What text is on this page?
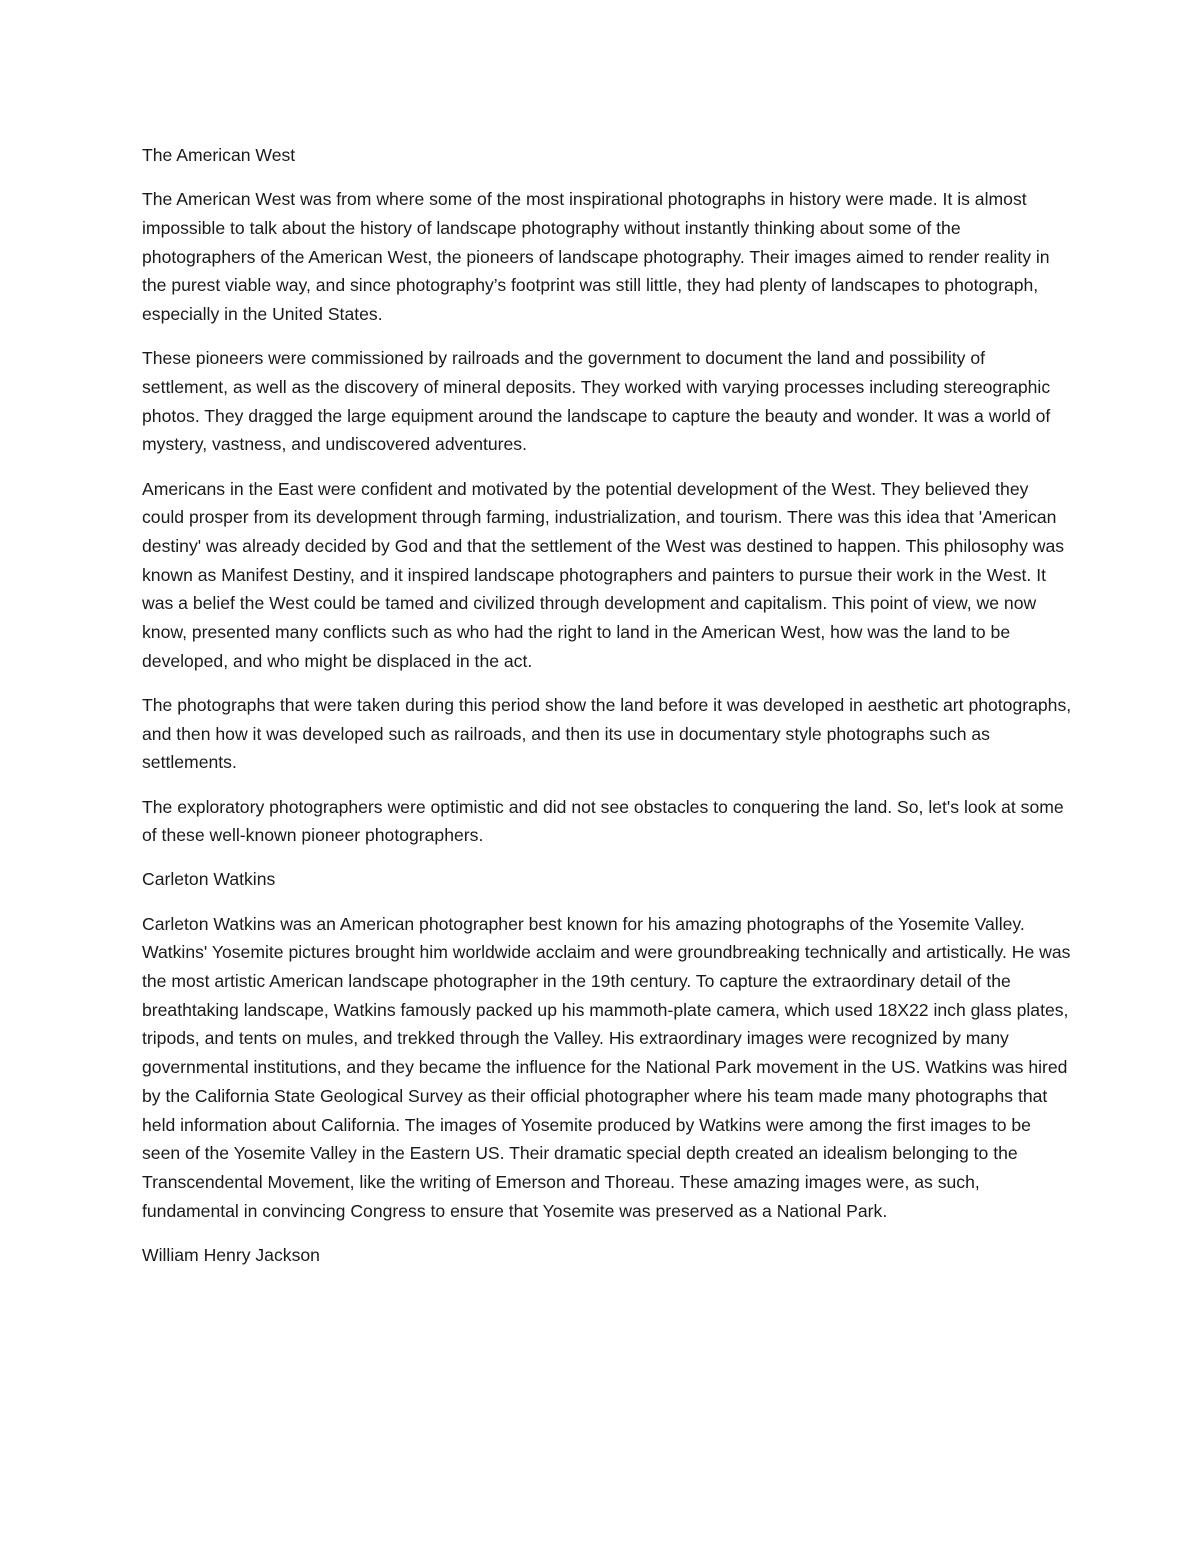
The American West

The American West was from where some of the most inspirational photographs in history were made. It is almost impossible to talk about the history of landscape photography without instantly thinking about some of the photographers of the American West, the pioneers of landscape photography. Their images aimed to render reality in the purest viable way, and since photography’s footprint was still little, they had plenty of landscapes to photograph, especially in the United States.

These pioneers were commissioned by railroads and the government to document the land and possibility of settlement, as well as the discovery of mineral deposits. They worked with varying processes including stereographic photos. They dragged the large equipment around the landscape to capture the beauty and wonder. It was a world of mystery, vastness, and undiscovered adventures.

Americans in the East were confident and motivated by the potential development of the West. They believed they could prosper from its development through farming, industrialization, and tourism. There was this idea that 'American destiny' was already decided by God and that the settlement of the West was destined to happen. This philosophy was known as Manifest Destiny, and it inspired landscape photographers and painters to pursue their work in the West. It was a belief the West could be tamed and civilized through development and capitalism. This point of view, we now know, presented many conflicts such as who had the right to land in the American West, how was the land to be developed, and who might be displaced in the act.

The photographs that were taken during this period show the land before it was developed in aesthetic art photographs, and then how it was developed such as railroads, and then its use in documentary style photographs such as settlements.

The exploratory photographers were optimistic and did not see obstacles to conquering the land. So, let's look at some of these well-known pioneer photographers.

Carleton Watkins

Carleton Watkins was an American photographer best known for his amazing photographs of the Yosemite Valley. Watkins' Yosemite pictures brought him worldwide acclaim and were groundbreaking technically and artistically. He was the most artistic American landscape photographer in the 19th century. To capture the extraordinary detail of the breathtaking landscape, Watkins famously packed up his mammoth-plate camera, which used 18X22 inch glass plates, tripods, and tents on mules, and trekked through the Valley. His extraordinary images were recognized by many governmental institutions, and they became the influence for the National Park movement in the US. Watkins was hired by the California State Geological Survey as their official photographer where his team made many photographs that held information about California. The images of Yosemite produced by Watkins were among the first images to be seen of the Yosemite Valley in the Eastern US. Their dramatic special depth created an idealism belonging to the Transcendental Movement, like the writing of Emerson and Thoreau. These amazing images were, as such, fundamental in convincing Congress to ensure that Yosemite was preserved as a National Park.

William Henry Jackson
